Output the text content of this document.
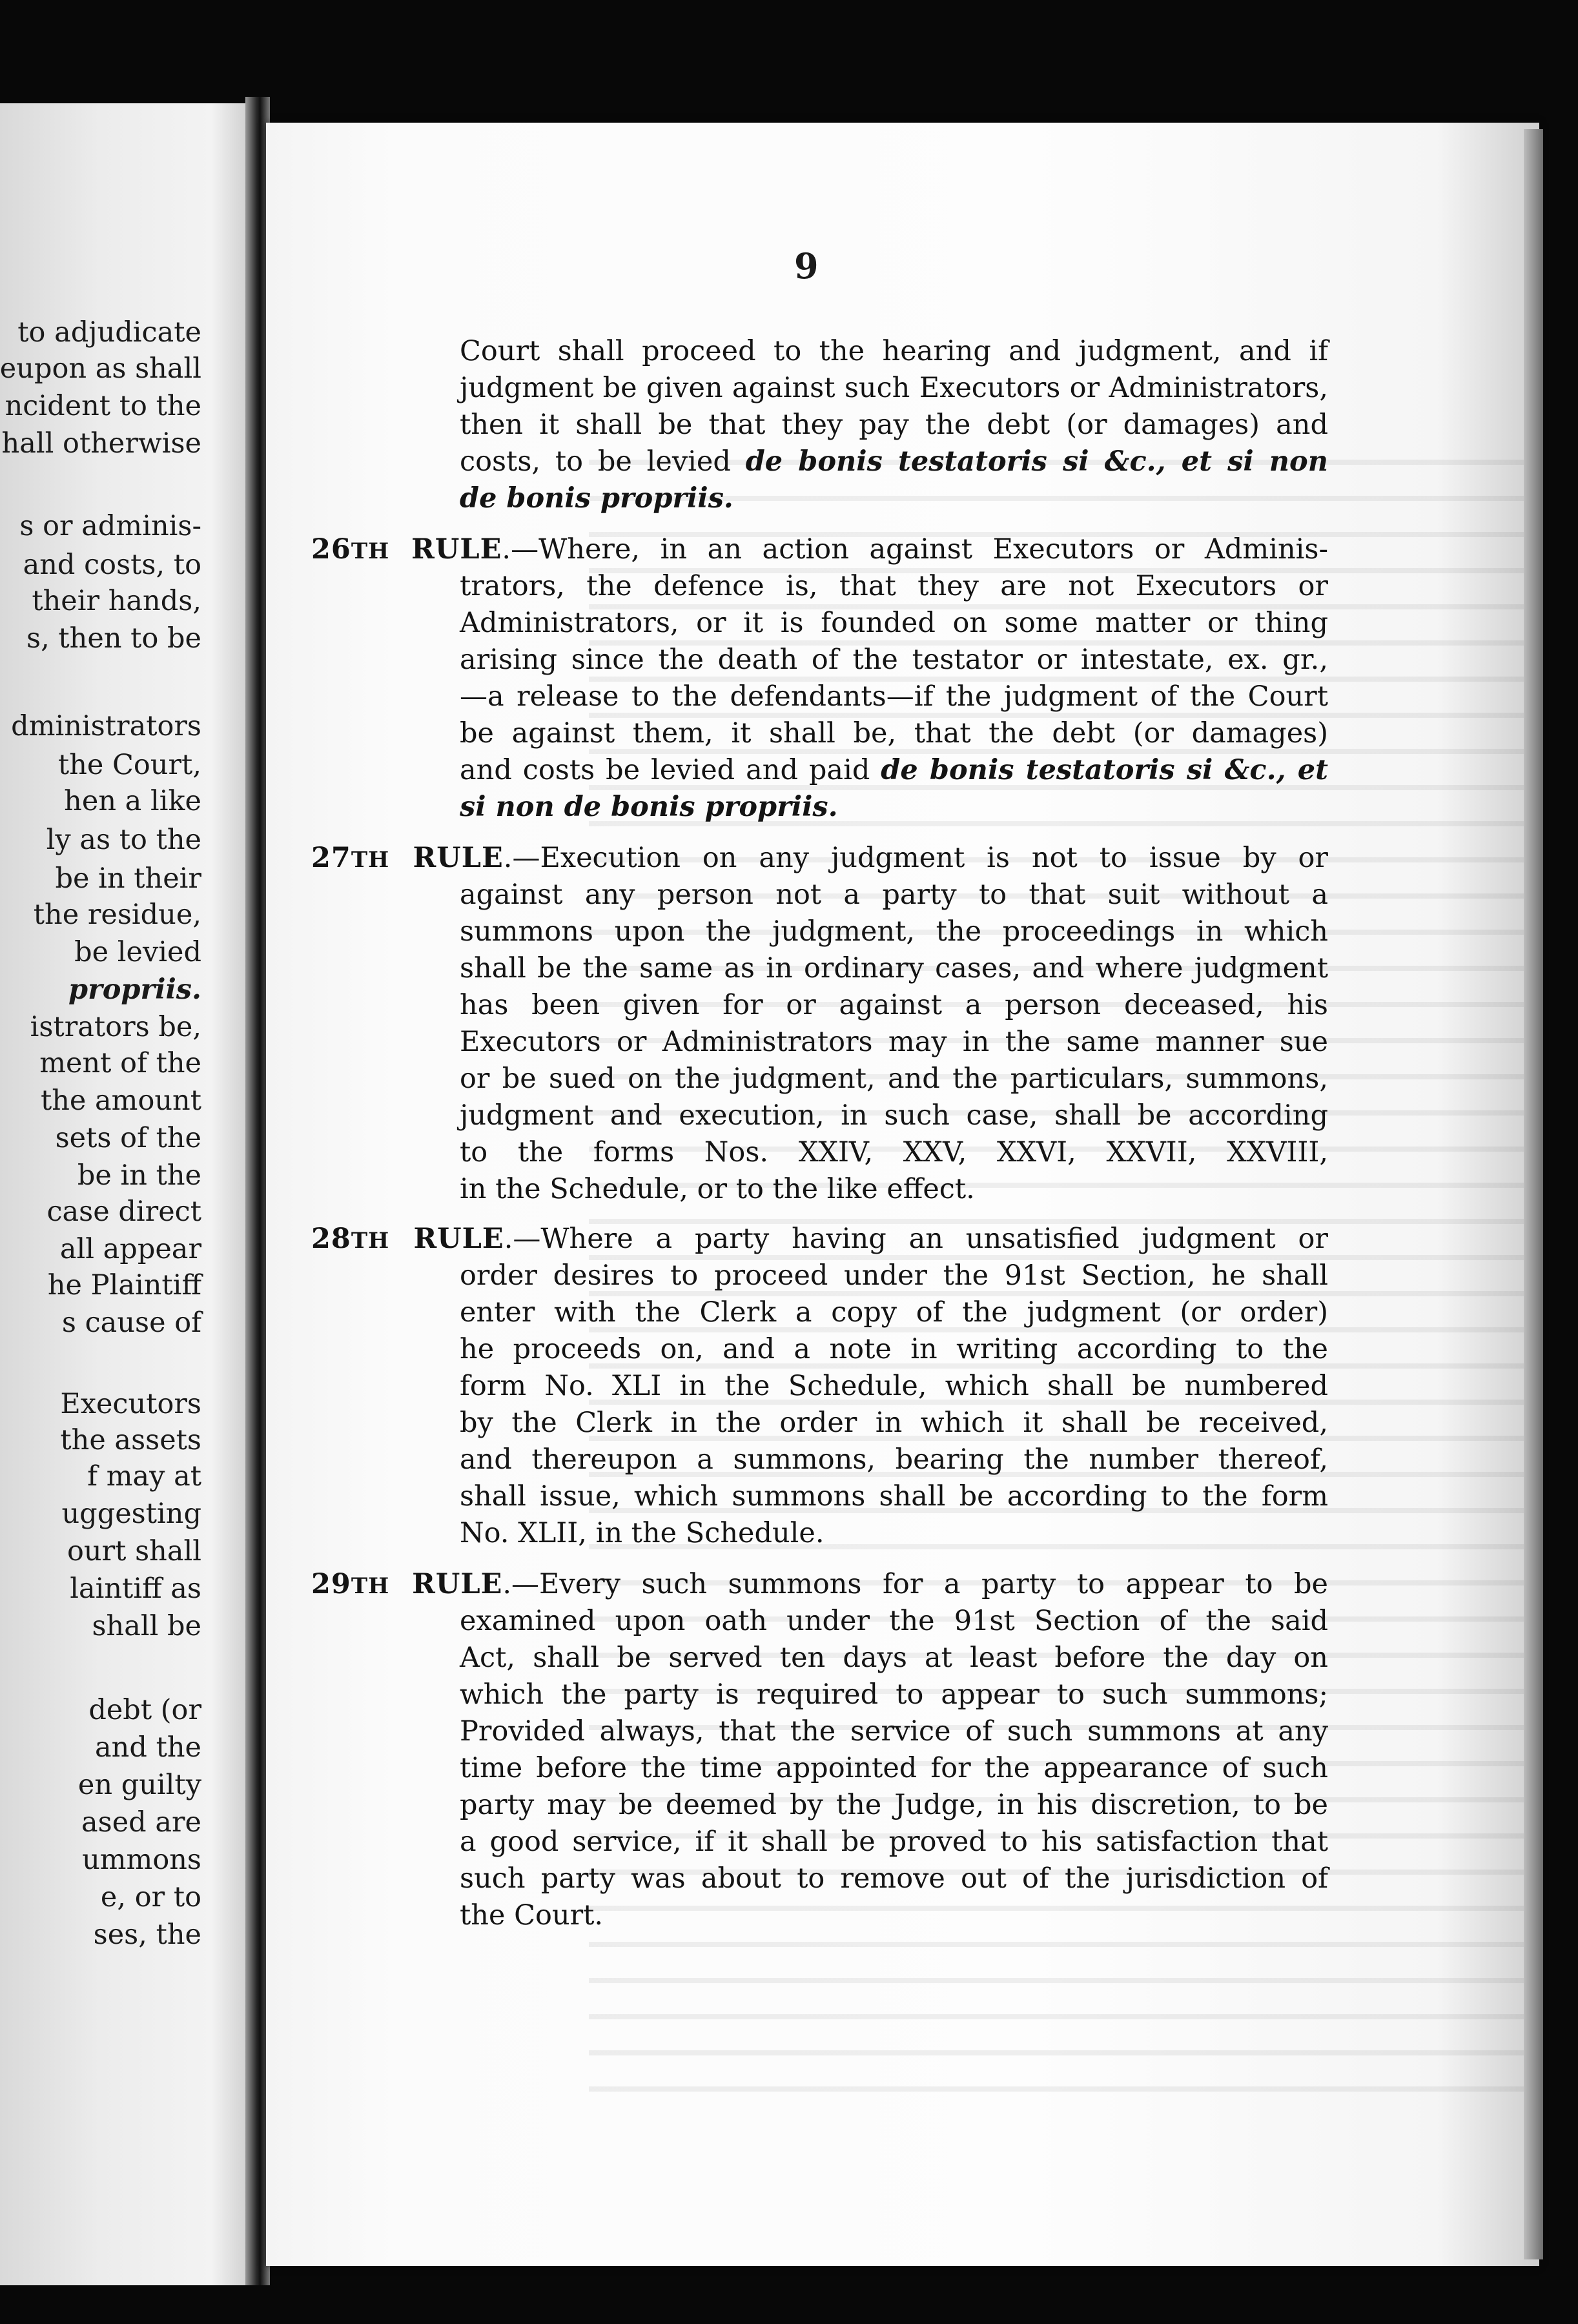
9
to adjudicate
eupon as shall
ncident to the
hall otherwise
s or adminis-
and costs, to
their hands,
s, then to be
dministrators
the Court,
hen a like
ly as to the
be in their
the residue,
be levied
propriis.
istrators be,
ment of the
the amount
sets of the
be in the
case direct
all appear
he Plaintiff
s cause of
Executors
the assets
f may at
uggesting
ourt shall
laintiff as
shall be
debt (or
and the
en guilty
ased are
ummons
e, or to
ses, the
Court shall proceed to the hearing and judgment, and if
judgment be given against such Executors or Administrators,
then it shall be that they pay the debt (or damages) and
costs, to be levied de bonis testatoris si &c., et si non
de bonis propriis.
26TH RULE.—Where, in an action against Executors or Adminis-
trators, the defence is, that they are not Executors or
Administrators, or it is founded on some matter or thing
arising since the death of the testator or intestate, ex. gr.,
—a release to the defendants—if the judgment of the Court
be against them, it shall be, that the debt (or damages)
and costs be levied and paid de bonis testatoris si &c., et
si non de bonis propriis.
27TH RULE.—Execution on any judgment is not to issue by or
against any person not a party to that suit without a
summons upon the judgment, the proceedings in which
shall be the same as in ordinary cases, and where judgment
has been given for or against a person deceased, his
Executors or Administrators may in the same manner sue
or be sued on the judgment, and the particulars, summons,
judgment and execution, in such case, shall be according
to the forms Nos. XXIV, XXV, XXVI, XXVII, XXVIII,
in the Schedule, or to the like effect.
28TH RULE.—Where a party having an unsatisfied judgment or
order desires to proceed under the 91st Section, he shall
enter with the Clerk a copy of the judgment (or order)
he proceeds on, and a note in writing according to the
form No. XLI in the Schedule, which shall be numbered
by the Clerk in the order in which it shall be received,
and thereupon a summons, bearing the number thereof,
shall issue, which summons shall be according to the form
No. XLII, in the Schedule.
29TH RULE.—Every such summons for a party to appear to be
examined upon oath under the 91st Section of the said
Act, shall be served ten days at least before the day on
which the party is required to appear to such summons;
Provided always, that the service of such summons at any
time before the time appointed for the appearance of such
party may be deemed by the Judge, in his discretion, to be
a good service, if it shall be proved to his satisfaction that
such party was about to remove out of the jurisdiction of
the Court.
